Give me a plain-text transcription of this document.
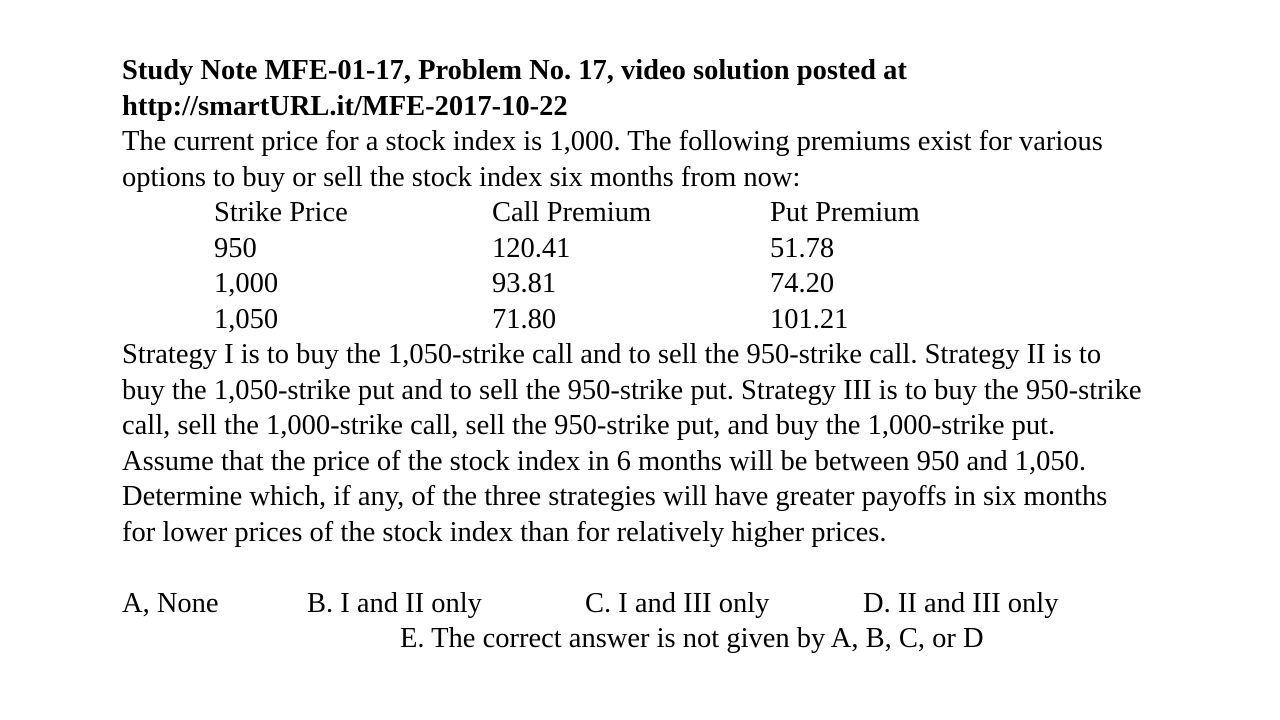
Study Note MFE-01-17, Problem No. 17, video solution posted at
http://smartURL.it/MFE-2017-10-22
The current price for a stock index is 1,000. The following premiums exist for various
options to buy or sell the stock index six months from now:
Strike Price	Call Premium	Put Premium
950	120.41	51.78
1,000	93.81	74.20
1,050	71.80	101.21
Strategy I is to buy the 1,050-strike call and to sell the 950-strike call. Strategy II is to
buy the 1,050-strike put and to sell the 950-strike put. Strategy III is to buy the 950-strike
call, sell the 1,000-strike call, sell the 950-strike put, and buy the 1,000-strike put.
Assume that the price of the stock index in 6 months will be between 950 and 1,050.
Determine which, if any, of the three strategies will have greater payoffs in six months
for lower prices of the stock index than for relatively higher prices.
A, None	B. I and II only	C. I and III only	D. II and III only
E. The correct answer is not given by A, B, C, or D
